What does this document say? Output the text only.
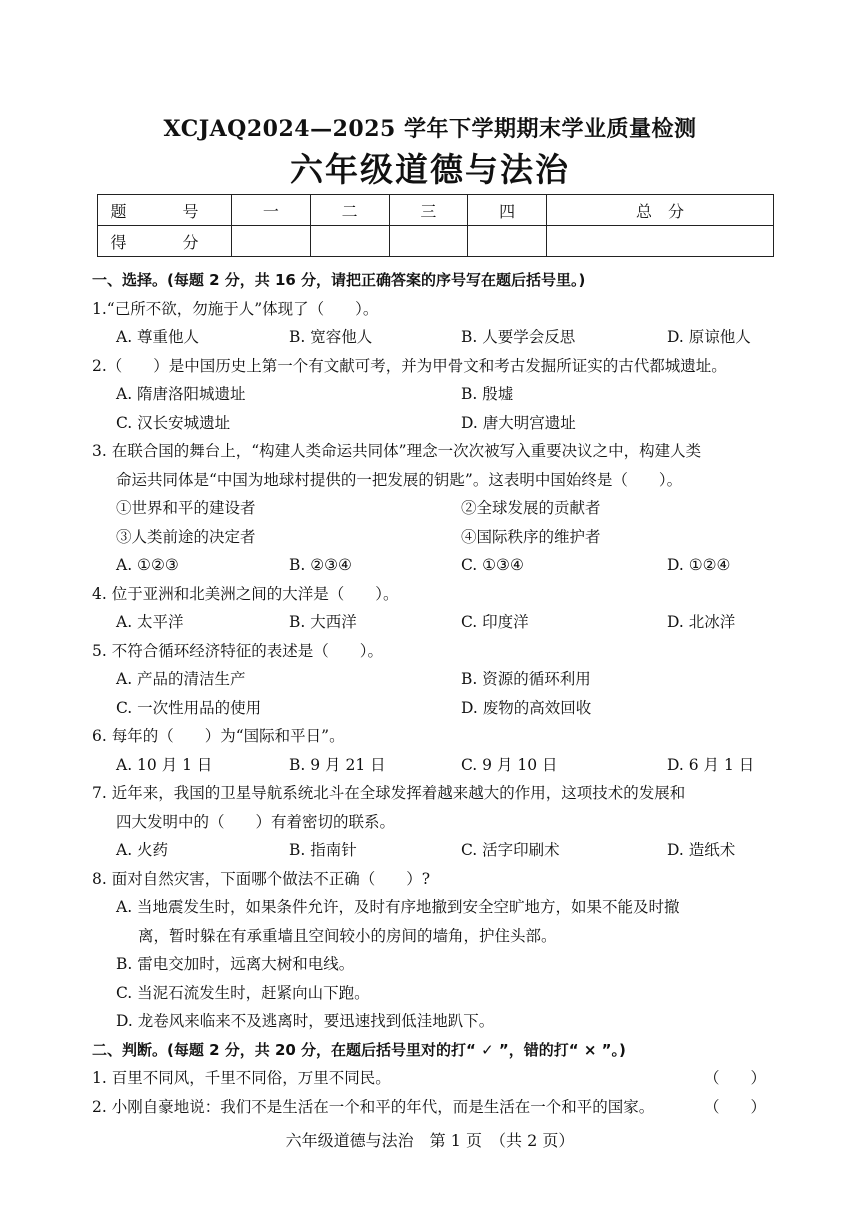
XCJAQ2024—2025 学年下学期期末学业质量检测
六年级道德与法治
题　号	一	二	三	四	总　分
得　分					
一、选择。(每题 2 分，共 16 分，请把正确答案的序号写在题后括号里。)
1.“己所不欲，勿施于人”体现了（　　）。
A. 尊重他人	B. 宽容他人	B. 人要学会反思	D. 原谅他人
2.（　　）是中国历史上第一个有文献可考，并为甲骨文和考古发掘所证实的古代都城遗址。
A. 隋唐洛阳城遗址	B. 殷墟
C. 汉长安城遗址	D. 唐大明宫遗址
3. 在联合国的舞台上，“构建人类命运共同体”理念一次次被写入重要决议之中，构建人类
命运共同体是“中国为地球村提供的一把发展的钥匙”。这表明中国始终是（　　）。
①世界和平的建设者	②全球发展的贡献者
③人类前途的决定者	④国际秩序的维护者
A. ①②③	B. ②③④	C. ①③④	D. ①②④
4. 位于亚洲和北美洲之间的大洋是（　　）。
A. 太平洋	B. 大西洋	C. 印度洋	D. 北冰洋
5. 不符合循环经济特征的表述是（　　）。
A. 产品的清洁生产	B. 资源的循环利用
C. 一次性用品的使用	D. 废物的高效回收
6. 每年的（　　）为“国际和平日”。
A. 10 月 1 日	B. 9 月 21 日	C. 9 月 10 日	D. 6 月 1 日
7. 近年来，我国的卫星导航系统北斗在全球发挥着越来越大的作用，这项技术的发展和
四大发明中的（　　）有着密切的联系。
A. 火药	B. 指南针	C. 活字印刷术	D. 造纸术
8. 面对自然灾害，下面哪个做法不正确（　　）?
A. 当地震发生时，如果条件允许，及时有序地撤到安全空旷地方，如果不能及时撤
离，暂时躲在有承重墙且空间较小的房间的墙角，护住头部。
B. 雷电交加时，远离大树和电线。
C. 当泥石流发生时，赶紧向山下跑。
D. 龙卷风来临来不及逃离时，要迅速找到低洼地趴下。
二、判断。(每题 2 分，共 20 分，在题后括号里对的打“ ✓ ”，错的打“ × ”。)
1. 百里不同风，千里不同俗，万里不同民。	（　　）
2. 小刚自豪地说：我们不是生活在一个和平的年代，而是生活在一个和平的国家。	（　　）
六年级道德与法治　第 1 页　（共 2 页）
